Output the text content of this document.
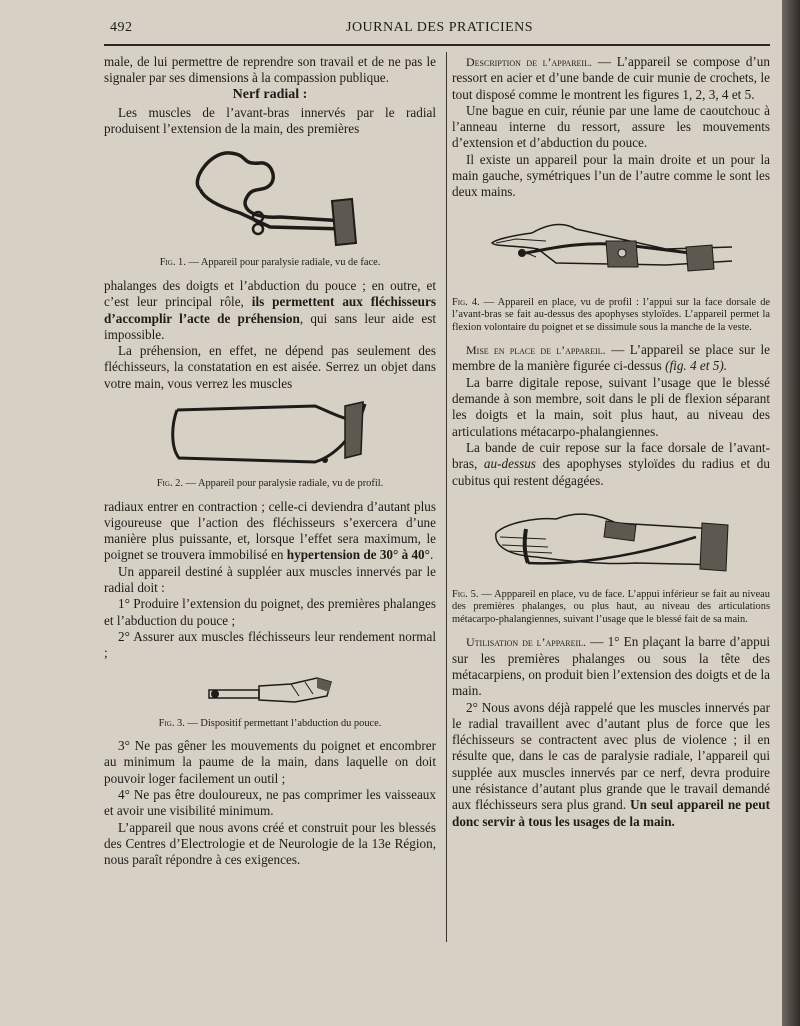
492	JOURNAL DES PRATICIENS

male, de lui permettre de reprendre son travail et de ne pas le signaler par ses dimensions à la compassion publique.

Nerf radial :

Les muscles de l’avant-bras innervés par le radial produisent l’extension de la main, des premières

Fig. 1. — Appareil pour paralysie radiale, vu de face.

phalanges des doigts et l’abduction du pouce ; en outre, et c’est leur principal rôle, ils permettent aux fléchisseurs d’accomplir l’acte de préhension, qui sans leur aide est impossible.

La préhension, en effet, ne dépend pas seulement des fléchisseurs, la constatation en est aisée. Serrez un objet dans votre main, vous verrez les muscles

Fig. 2. — Appareil pour paralysie radiale, vu de profil.

radiaux entrer en contraction ; celle-ci deviendra d’autant plus vigoureuse que l’action des fléchisseurs s’exercera d’une manière plus puissante, et, lorsque l’effet sera maximum, le poignet se trouvera immobilisé en hypertension de 30° à 40°.

Un appareil destiné à suppléer aux muscles innervés par le radial doit :

1° Produire l’extension du poignet, des premières phalanges et l’abduction du pouce ;

2° Assurer aux muscles fléchisseurs leur rendement normal ;

Fig. 3. — Dispositif permettant l’abduction du pouce.

3° Ne pas gêner les mouvements du poignet et encombrer au minimum la paume de la main, dans laquelle on doit pouvoir loger facilement un outil ;

4° Ne pas être douloureux, ne pas comprimer les vaisseaux et avoir une visibilité minimum.

L’appareil que nous avons créé et construit pour les blessés des Centres d’Electrologie et de Neurologie de la 13e Région, nous paraît répondre à ces exigences.

Description de l’appareil. — L’appareil se compose d’un ressort en acier et d’une bande de cuir munie de crochets, le tout disposé comme le montrent les figures 1, 2, 3, 4 et 5.

Une bague en cuir, réunie par une lame de caoutchouc à l’anneau interne du ressort, assure les mouvements d’extension et d’abduction du pouce.

Il existe un appareil pour la main droite et un pour la main gauche, symétriques l’un de l’autre comme le sont les deux mains.

Fig. 4. — Appareil en place, vu de profil : l’appui sur la face dorsale de l’avant-bras se fait au-dessus des apophyses styloïdes. L’appareil permet la flexion volontaire du poignet et se dissimule sous la manche de la veste.

Mise en place de l’appareil. — L’appareil se place sur le membre de la manière figurée ci-dessus (fig. 4 et 5).

La barre digitale repose, suivant l’usage que le blessé demande à son membre, soit dans le pli de flexion séparant les doigts et la main, soit plus haut, au niveau des articulations métacarpo-phalangiennes.

La bande de cuir repose sur la face dorsale de l’avant-bras, au-dessus des apophyses styloïdes du radius et du cubitus qui restent dégagées.

Fig. 5. — Apppareil en place, vu de face. L’appui inférieur se fait au niveau des premières phalanges, ou plus haut, au niveau des articulations métacarpo-phalangiennes, suivant l’usage que le blessé fait de sa main.

Utilisation de l’appareil. — 1° En plaçant la barre d’appui sur les premières phalanges ou sous la tête des métacarpiens, on produit bien l’extension des doigts et de la main.

2° Nous avons déjà rappelé que les muscles innervés par le radial travaillent avec d’autant plus de force que les fléchisseurs se contractent avec plus de violence ; il en résulte que, dans le cas de paralysie radiale, l’appareil qui supplée aux muscles innervés par ce nerf, devra produire une résistance d’autant plus grande que le travail demandé aux fléchisseurs sera plus grand. Un seul appareil ne peut donc servir à tous les usages de la main.
